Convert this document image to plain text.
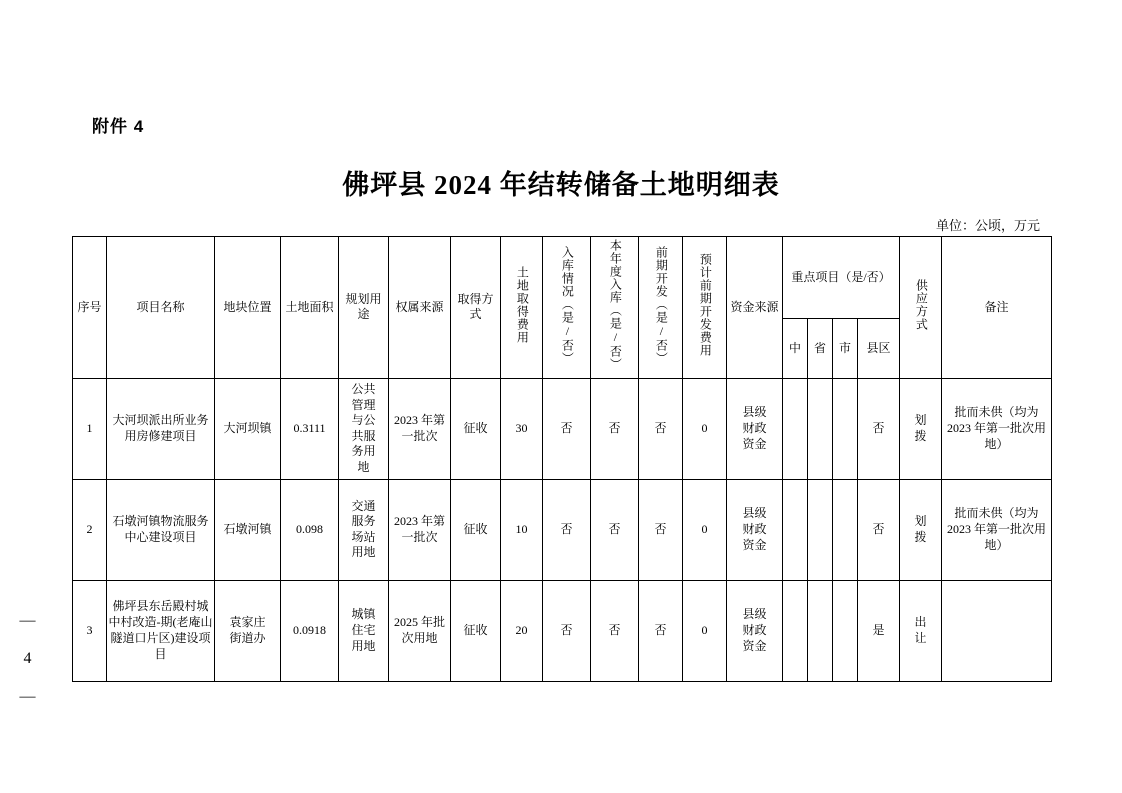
附件 4
佛坪县 2024 年结转储备土地明细表
单位：公顷，万元
— 4 —
序号	项目名称	地块位置	土地面积	规划用途	权属来源	取得方式	土地取得费用	入库情况（是/否）	本年度入库（是/否）	前期开发（是/否）	预计前期开发费用	资金来源	重点项目（是/否）				供应方式	备注
													中	省	市	县区		
1	大河坝派出所业务用房修建项目	大河坝镇	0.3111	公共管理与公共服务用地	2023 年第一批次	征收	30	否	否	否	0	县级财政资金				否	划拨	批而未供（均为 2023 年第一批次用地）
2	石墩河镇物流服务中心建设项目	石墩河镇	0.098	交通服务场站用地	2023 年第一批次	征收	10	否	否	否	0	县级财政资金				否	划拨	批而未供（均为 2023 年第一批次用地）
3	佛坪县东岳殿村城中村改造-期(老庵山隧道口片区)建设项目	袁家庄街道办	0.0918	城镇住宅用地	2025 年批次用地	征收	20	否	否	否	0	县级财政资金				是	出让	
